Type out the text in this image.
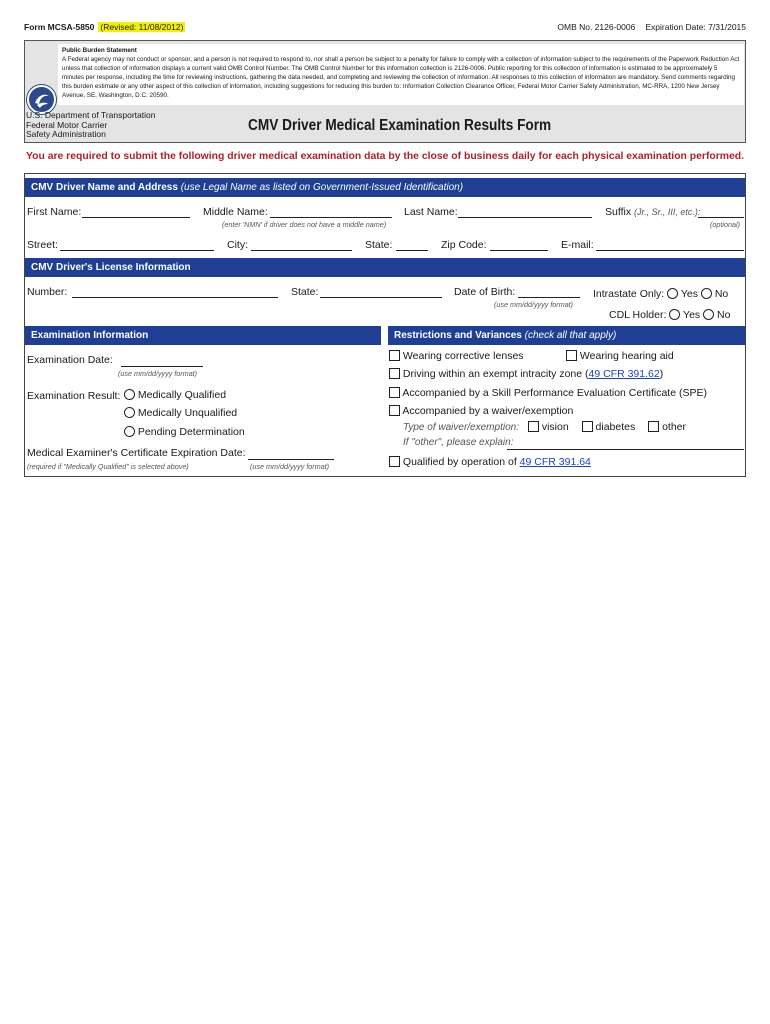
Form MCSA-5850 (Revised: 11/08/2012)	OMB No. 2126-0006 Expiration Date: 7/31/2015
Public Burden Statement
A Federal agency may not conduct or sponsor, and a person is not required to respond to, nor shall a person be subject to a penalty for failure to comply with a collection of information subject to the requirements of the Paperwork Reduction Act unless that collection of information displays a current valid OMB Control Number. The OMB Control Number for this information collection is 2126-0006. Public reporting for this collection of information is estimated to be approximately 5 minutes per response, including the time for reviewing instructions, gathering the data needed, and completing and reviewing the collection of information. All responses to this collection of information are mandatory. Send comments regarding this burden estimate or any other aspect of this collection of information, including suggestions for reducing this burden to: Information Collection Clearance Officer, Federal Motor Carrier Safety Administration, MC-RRA, 1200 New Jersey Avenue, SE, Washington, D.C. 20590.
U.S. Department of Transportation
Federal Motor Carrier
Safety Administration	CMV Driver Medical Examination Results Form
You are required to submit the following driver medical examination data by the close of business daily for each physical examination performed.
CMV Driver Name and Address (use Legal Name as listed on Government-Issued Identification)
First Name:	Middle Name:
(enter 'NMN' if driver does not have a middle name)
Last Name:	Suffix (Jr., Sr., III, etc.):
(optional)
Street:	City:	State:	Zip Code:	E-mail:
CMV Driver's License Information
Number:	State:	Date of Birth:
(use mm/dd/yyyy format)
Intrastate Only: Yes No
CDL Holder: Yes No
Examination Information
Examination Date:
(use mm/dd/yyyy format)
Examination Result:	Medically Qualified
Medically Unqualified
Pending Determination
Medical Examiner's Certificate Expiration Date:
(required if "Medically Qualified" is selected above)	(use mm/dd/yyyy format)
Restrictions and Variances (check all that apply)
Wearing corrective lenses	Wearing hearing aid
Driving within an exempt intracity zone (49 CFR 391.62)
Accompanied by a Skill Performance Evaluation Certificate (SPE)
Accompanied by a waiver/exemption
Type of waiver/exemption: vision	diabetes	other
If "other", please explain:
Qualified by operation of 49 CFR 391.64
